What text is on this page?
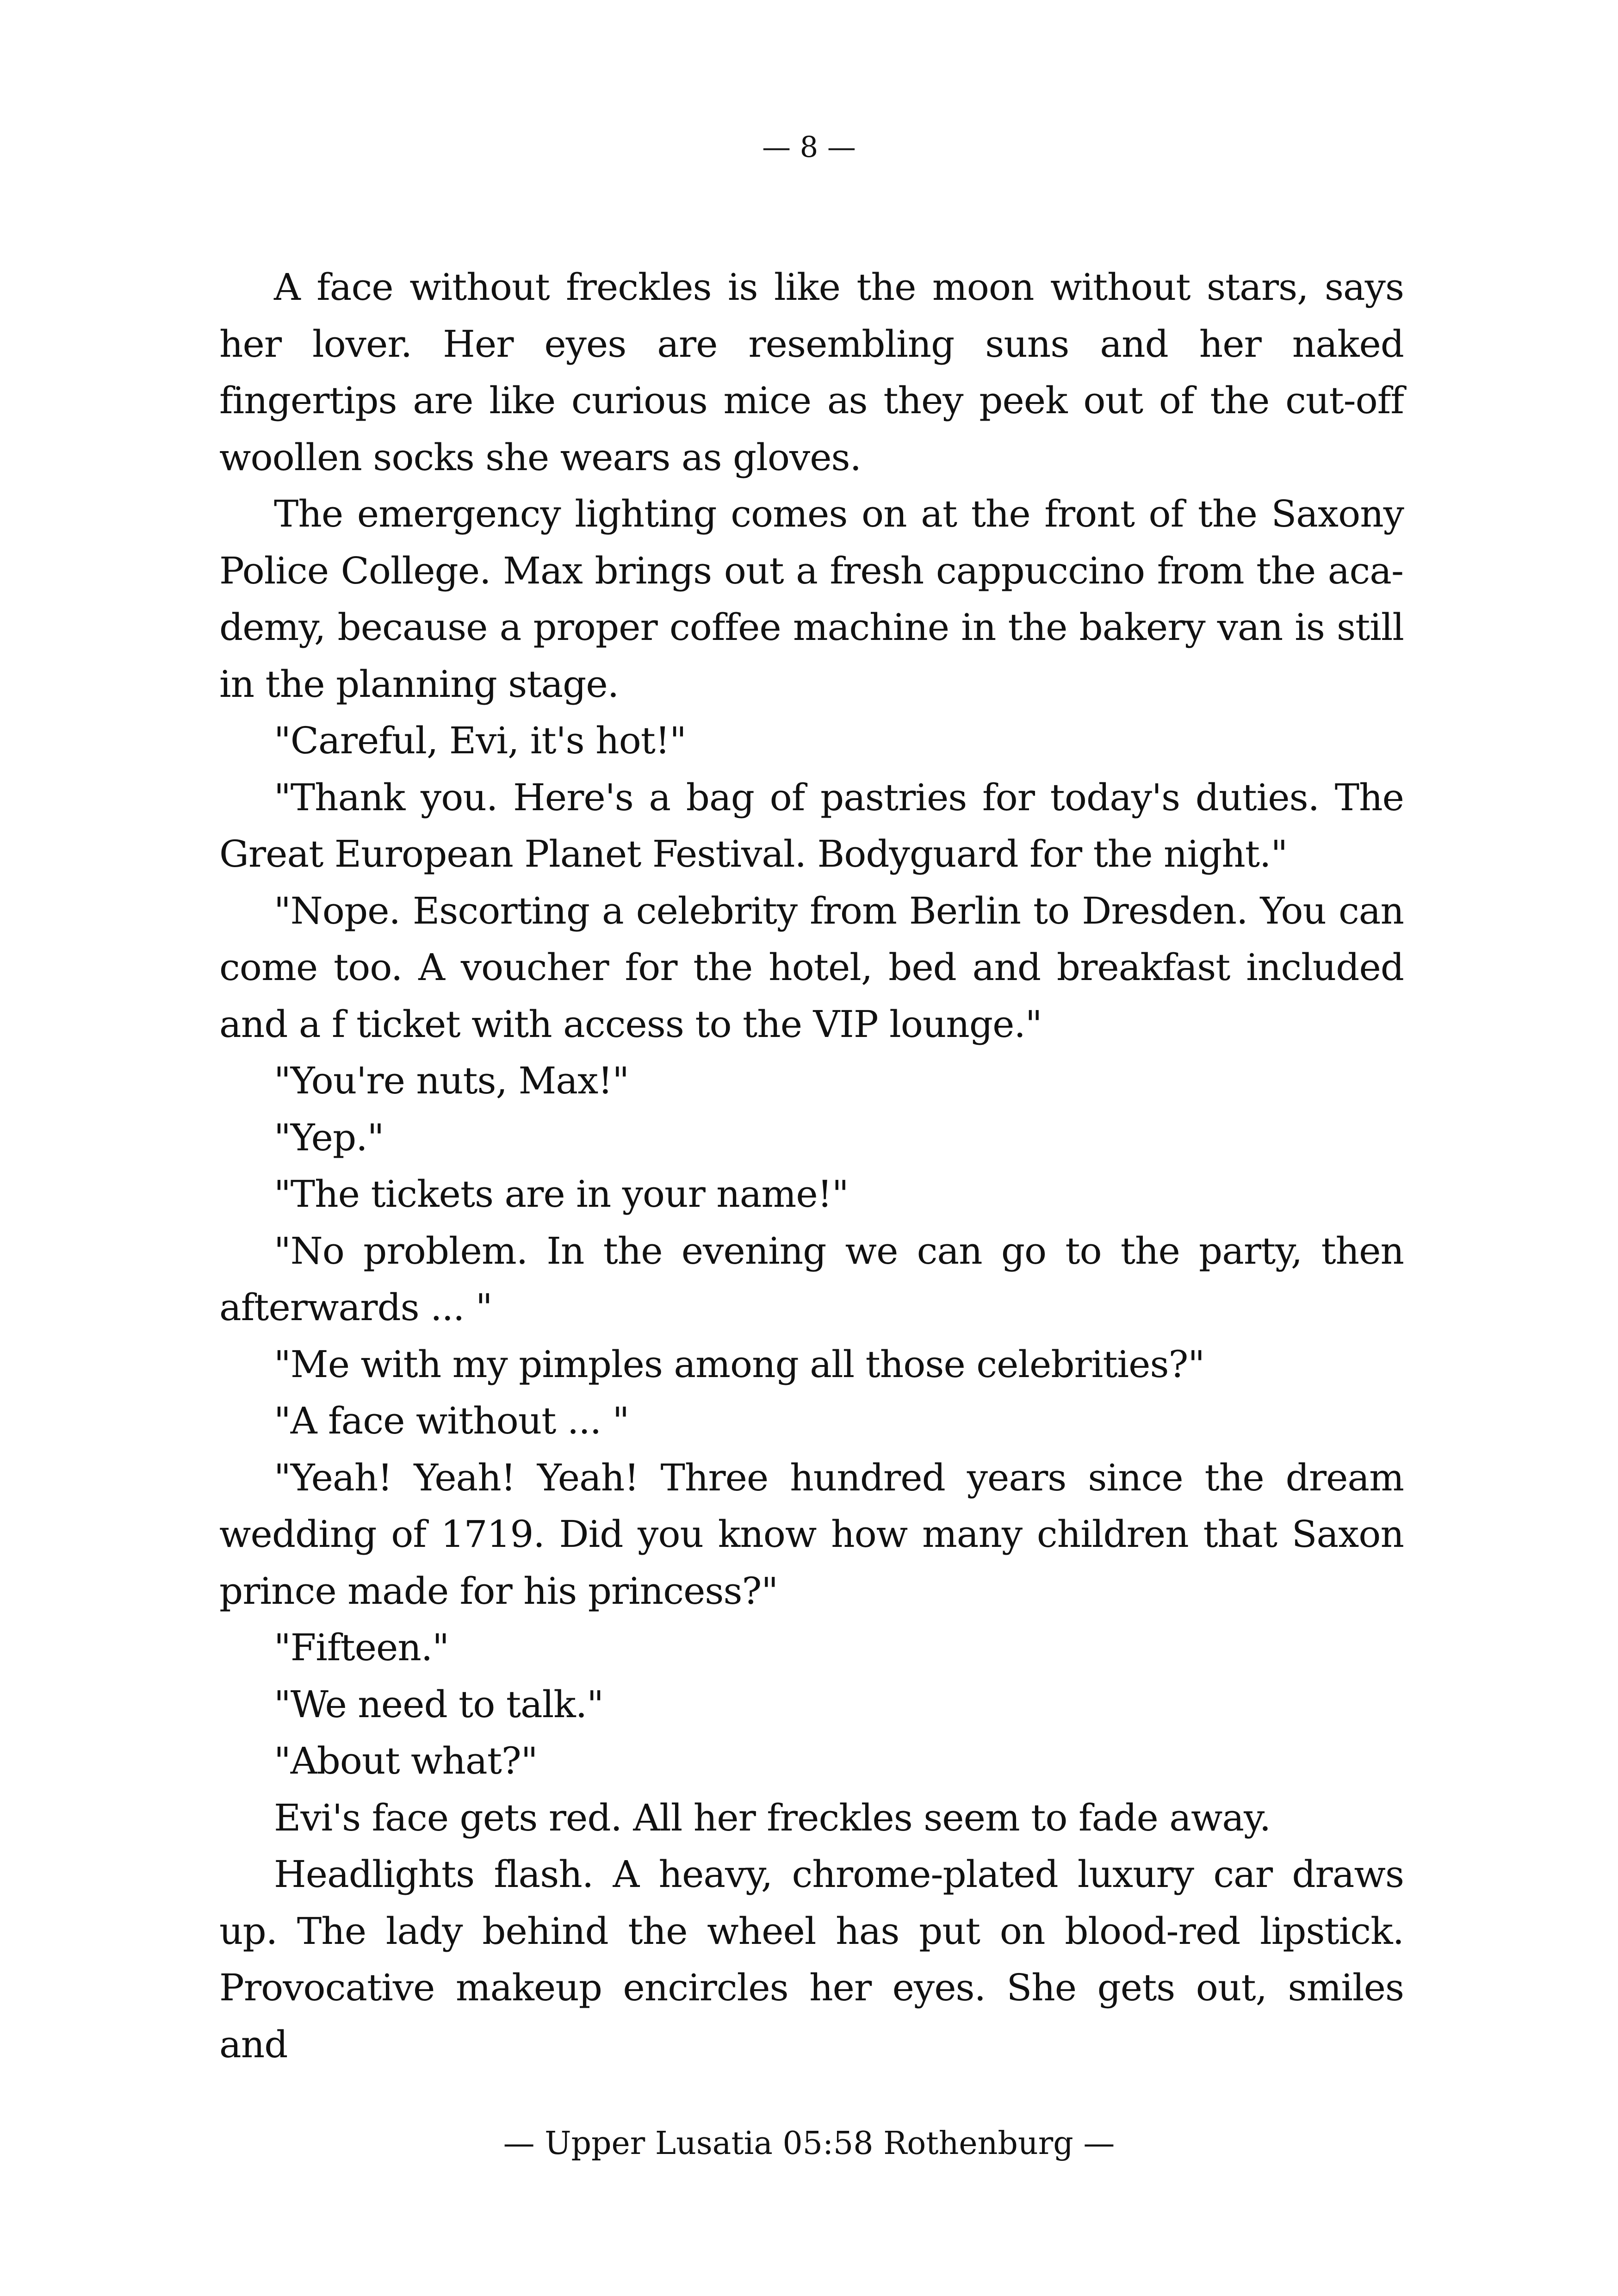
— 8 —

A face without freckles is like the moon without stars, says her lover. Her eyes are resembling suns and her naked fingertips are like curious mice as they peek out of the cut-off woollen socks she wears as gloves.

The emergency lighting comes on at the front of the Saxony Police College. Max brings out a fresh cappuccino from the academy, because a proper coffee machine in the bakery van is still in the planning stage.

"Careful, Evi, it's hot!"

"Thank you. Here's a bag of pastries for today's duties. The Great European Planet Festival. Bodyguard for the night."

"Nope. Escorting a celebrity from Berlin to Dresden. You can come too. A voucher for the hotel, bed and breakfast included and a f ticket with access to the VIP lounge."

"You're nuts, Max!"

"Yep."

"The tickets are in your name!"

"No problem. In the evening we can go to the party, then afterwards ... "

"Me with my pimples among all those celebrities?"

"A face without ... "

"Yeah! Yeah! Yeah! Three hundred years since the dream wedding of 1719. Did you know how many children that Saxon prince made for his princess?"

"Fifteen."

"We need to talk."

"About what?"

Evi's face gets red. All her freckles seem to fade away.

Headlights flash. A heavy, chrome-plated luxury car draws up. The lady behind the wheel has put on blood-red lipstick. Provocative makeup encircles her eyes. She gets out, smiles and

— Upper Lusatia 05:58 Rothenburg —
